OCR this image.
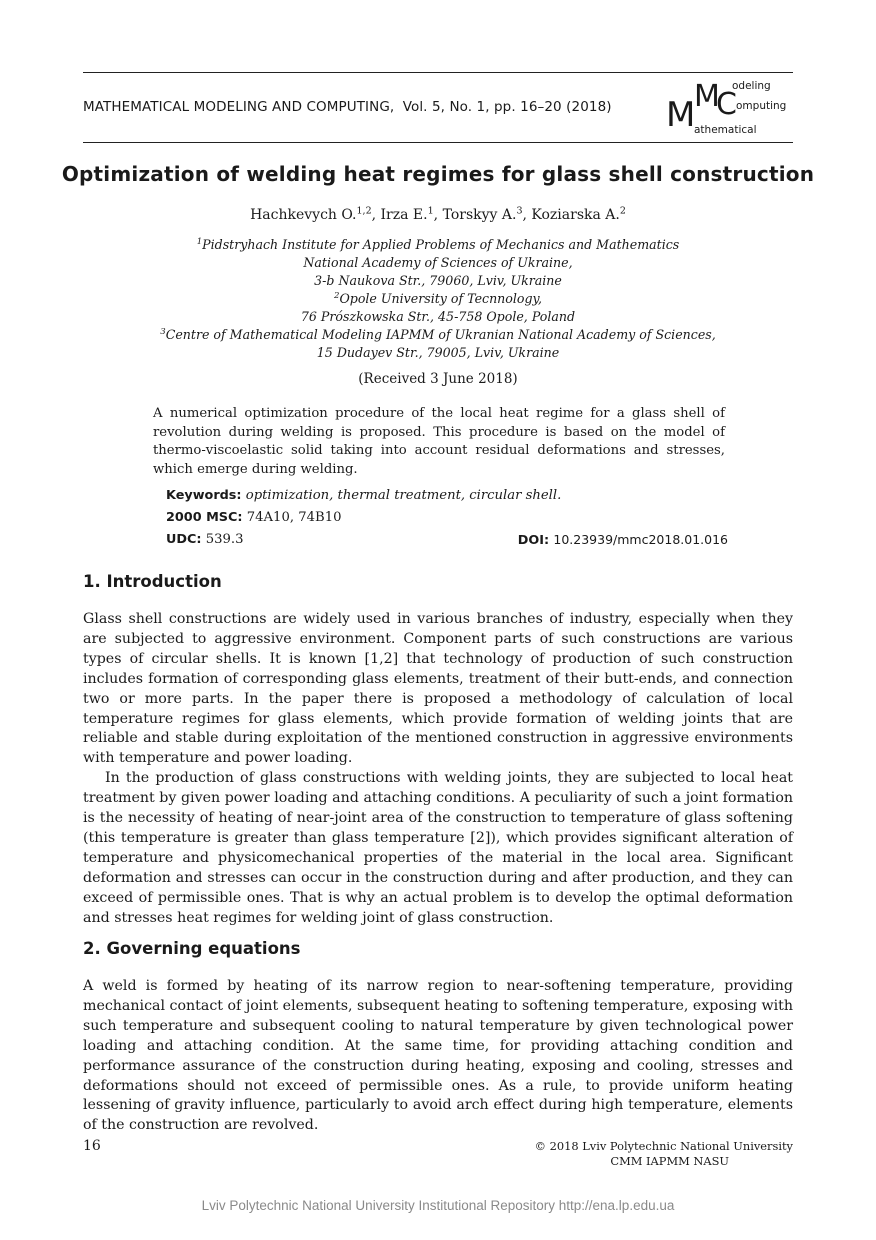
MATHEMATICAL MODELING AND COMPUTING, Vol. 5, No. 1, pp. 16–20 (2018) M
M
C
odeling
omputing
athematical
Optimization of welding heat regimes for glass shell construction
Hachkevych O.$^{1,2}$, Irza E.$^1$, Torskyy A.$^3$, Koziarska A.$^2$
$^1$Pidstryhach Institute for Applied Problems of Mechanics and Mathematics
National Academy of Sciences of Ukraine,
3-b Naukova Str., 79060, Lviv, Ukraine
$^2$Opole University of Tecnnology,
76 Prószkowska Str., 45-758 Opole, Poland
$^3$Centre of Mathematical Modeling IAPMM of Ukranian National Academy of Sciences,
15 Dudayev Str., 79005, Lviv, Ukraine
(Received 3 June 2018)
A numerical optimization procedure of the local heat regime for a glass shell of revolution during welding is proposed. This procedure is based on the model of thermo-viscoelastic solid taking into account residual deformations and stresses, which emerge during welding.
Keywords: optimization, thermal treatment, circular shell.
2000 MSC: 74A10, 74B10
UDC: 539.3	DOI: 10.23939/mmc2018.01.016
1. Introduction

Glass shell constructions are widely used in various branches of industry, especially when they are subjected to aggressive environment. Component parts of such constructions are various types of circular shells. It is known [1,2] that technology of production of such construction includes formation of corresponding glass elements, treatment of their butt-ends, and connection two or more parts. In the paper there is proposed a methodology of calculation of local temperature regimes for glass elements, which provide formation of welding joints that are reliable and stable during exploitation of the mentioned construction in aggressive environments with temperature and power loading.

In the production of glass constructions with welding joints, they are subjected to local heat treatment by given power loading and attaching conditions. A peculiarity of such a joint formation is the necessity of heating of near-joint area of the construction to temperature of glass softening (this temperature is greater than glass temperature [2]), which provides significant alteration of temperature and physicomechanical properties of the material in the local area. Significant deformation and stresses can occur in the construction during and after production, and they can exceed of permissible ones. That is why an actual problem is to develop the optimal deformation and stresses heat regimes for welding joint of glass construction.

2. Governing equations

A weld is formed by heating of its narrow region to near-softening temperature, providing mechanical contact of joint elements, subsequent heating to softening temperature, exposing with such temperature and subsequent cooling to natural temperature by given technological power loading and attaching condition. At the same time, for providing attaching condition and performance assurance of the construction during heating, exposing and cooling, stresses and deformations should not exceed of permissible ones. As a rule, to provide uniform heating lessening of gravity influence, particularly to avoid arch effect during high temperature, elements of the construction are revolved.

16	© 2018 Lviv Polytechnic National University
CMM IAPMM NASU
Lviv Polytechnic National University Institutional Repository http://ena.lp.edu.ua
